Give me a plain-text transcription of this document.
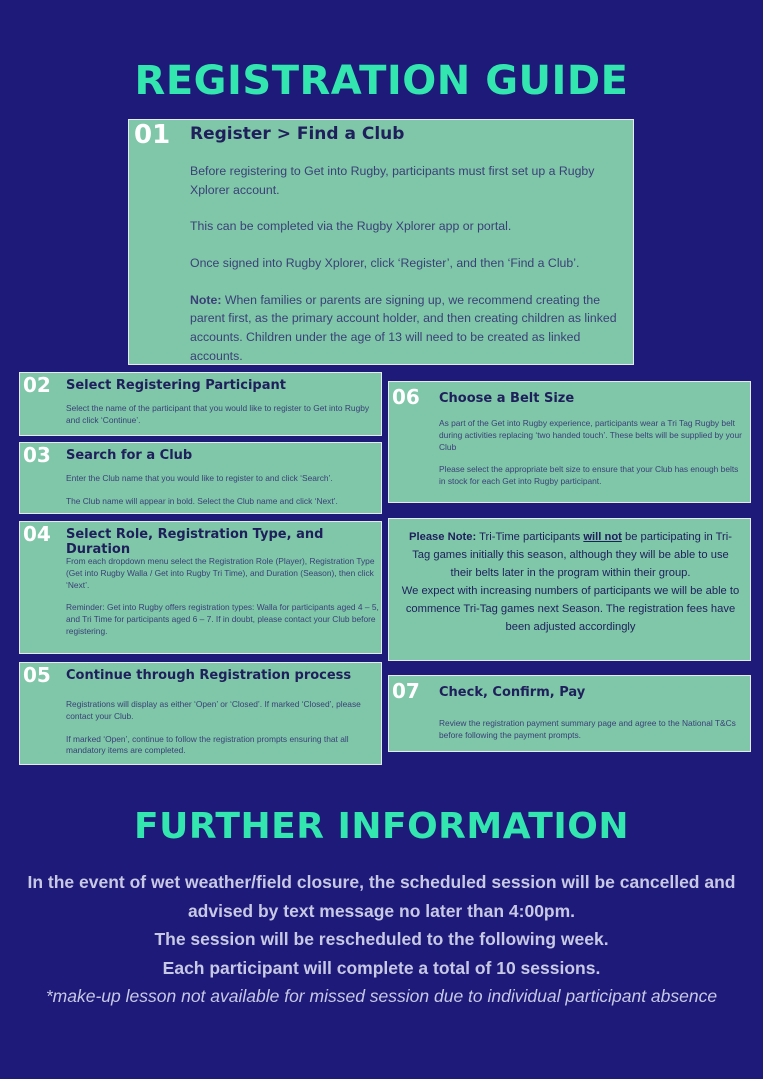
REGISTRATION GUIDE
01 Register > Find a Club

Before registering to Get into Rugby, participants must first set up a Rugby Xplorer account.

This can be completed via the Rugby Xplorer app or portal.

Once signed into Rugby Xplorer, click ‘Register’, and then ‘Find a Club’.

Note: When families or parents are signing up, we recommend creating the parent first, as the primary account holder, and then creating children as linked accounts. Children under the age of 13 will need to be created as linked accounts.

02 Select Registering Participant

Select the name of the participant that you would like to register to Get into Rugby and click ‘Continue’.

03 Search for a Club

Enter the Club name that you would like to register to and click ‘Search’.

The Club name will appear in bold. Select the Club name and click ‘Next’.

04 Select Role, Registration Type, and Duration

From each dropdown menu select the Registration Role (Player), Registration Type (Get into Rugby Walla / Get into Rugby Tri Time), and Duration (Season), then click ‘Next’.

Reminder: Get into Rugby offers registration types: Walla for participants aged 4 – 5, and Tri Time for participants aged 6 – 7. If in doubt, please contact your Club before registering.

05 Continue through Registration process

Registrations will display as either ‘Open’ or ‘Closed’. If marked ‘Closed’, please contact your Club.

If marked ‘Open’, continue to follow the registration prompts ensuring that all mandatory items are completed.

06 Choose a Belt Size

As part of the Get into Rugby experience, participants wear a Tri Tag Rugby belt during activities replacing ‘two handed touch’. These belts will be supplied by your Club

Please select the appropriate belt size to ensure that your Club has enough belts in stock for each Get into Rugby participant.

Please Note: Tri-Time participants will not be participating in Tri-Tag games initially this season, although they will be able to use their belts later in the program within their group.

We expect with increasing numbers of participants we will be able to commence Tri-Tag games next Season. The registration fees have been adjusted accordingly

07 Check, Confirm, Pay

Review the registration payment summary page and agree to the National T&Cs before following the payment prompts.

FURTHER INFORMATION
In the event of wet weather/field closure, the scheduled session will be cancelled and advised by text message no later than 4:00pm.
The session will be rescheduled to the following week.
Each participant will complete a total of 10 sessions.
*make-up lesson not available for missed session due to individual participant absence
